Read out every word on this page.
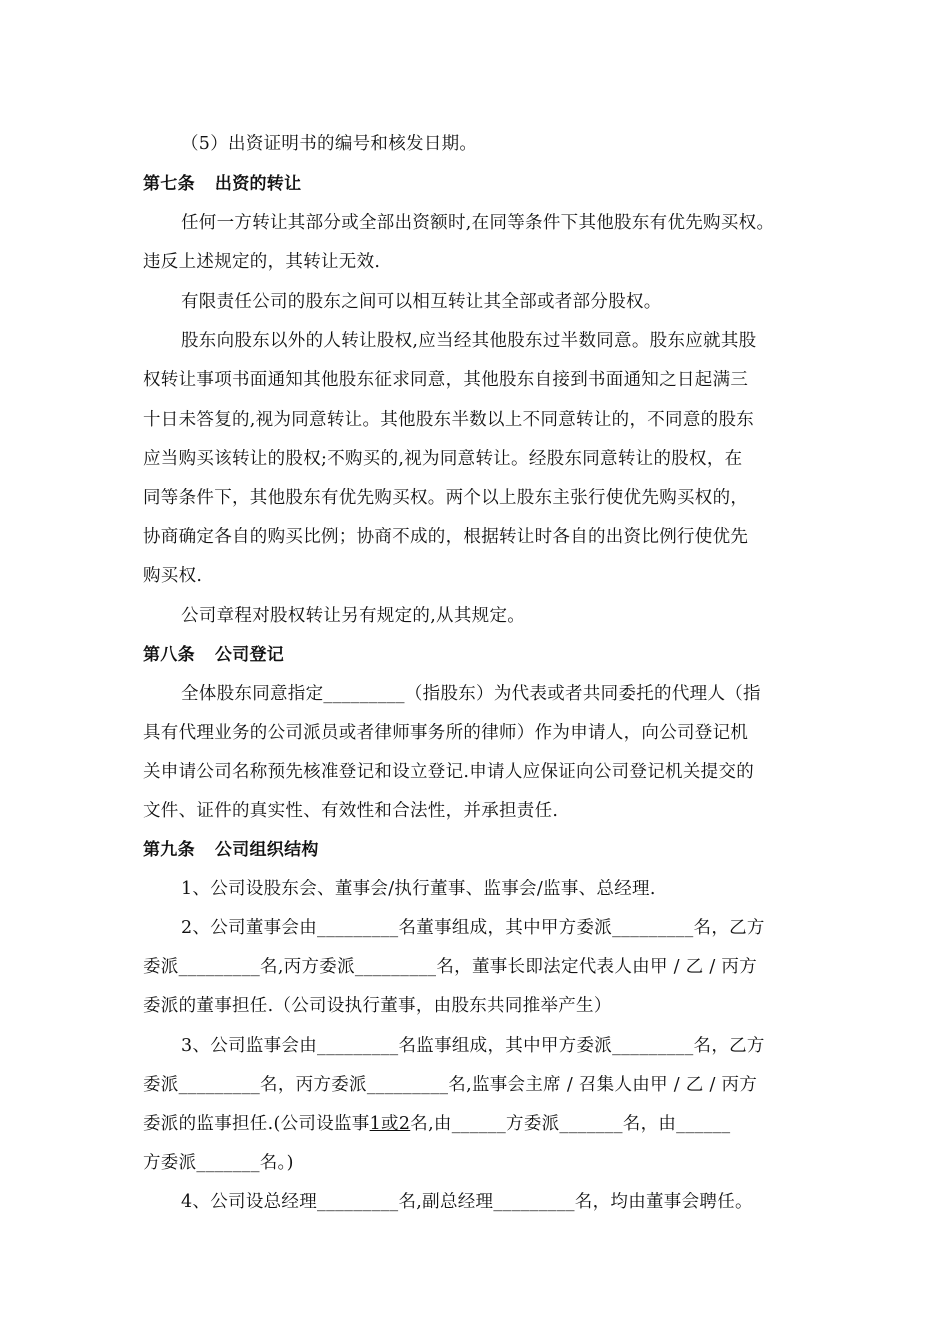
（5）出资证明书的编号和核发日期。
第七条 出资的转让
任何一方转让其部分或全部出资额时,在同等条件下其他股东有优先购买权。
违反上述规定的，其转让无效.
有限责任公司的股东之间可以相互转让其全部或者部分股权。
股东向股东以外的人转让股权,应当经其他股东过半数同意。股东应就其股
权转让事项书面通知其他股东征求同意，其他股东自接到书面通知之日起满三
十日未答复的,视为同意转让。其他股东半数以上不同意转让的，不同意的股东
应当购买该转让的股权;不购买的,视为同意转让。经股东同意转让的股权，在
同等条件下，其他股东有优先购买权。两个以上股东主张行使优先购买权的，
协商确定各自的购买比例；协商不成的，根据转让时各自的出资比例行使优先
购买权.
公司章程对股权转让另有规定的,从其规定。
第八条 公司登记
全体股东同意指定_________（指股东）为代表或者共同委托的代理人（指
具有代理业务的公司派员或者律师事务所的律师）作为申请人，向公司登记机
关申请公司名称预先核准登记和设立登记.申请人应保证向公司登记机关提交的
文件、证件的真实性、有效性和合法性，并承担责任.
第九条 公司组织结构
1、公司设股东会、董事会/执行董事、监事会/监事、总经理.
2、公司董事会由_________名董事组成，其中甲方委派_________名，乙方
委派_________名,丙方委派_________名，董事长即法定代表人由甲 / 乙 / 丙方
委派的董事担任.（公司设执行董事，由股东共同推举产生）
3、公司监事会由_________名监事组成，其中甲方委派_________名，乙方
委派_________名，丙方委派_________名,监事会主席 / 召集人由甲 / 乙 / 丙方
委派的监事担任.(公司设监事1或2名,由______方委派_______名，由______
方委派_______名。)
4、公司设总经理_________名,副总经理_________名，均由董事会聘任。
